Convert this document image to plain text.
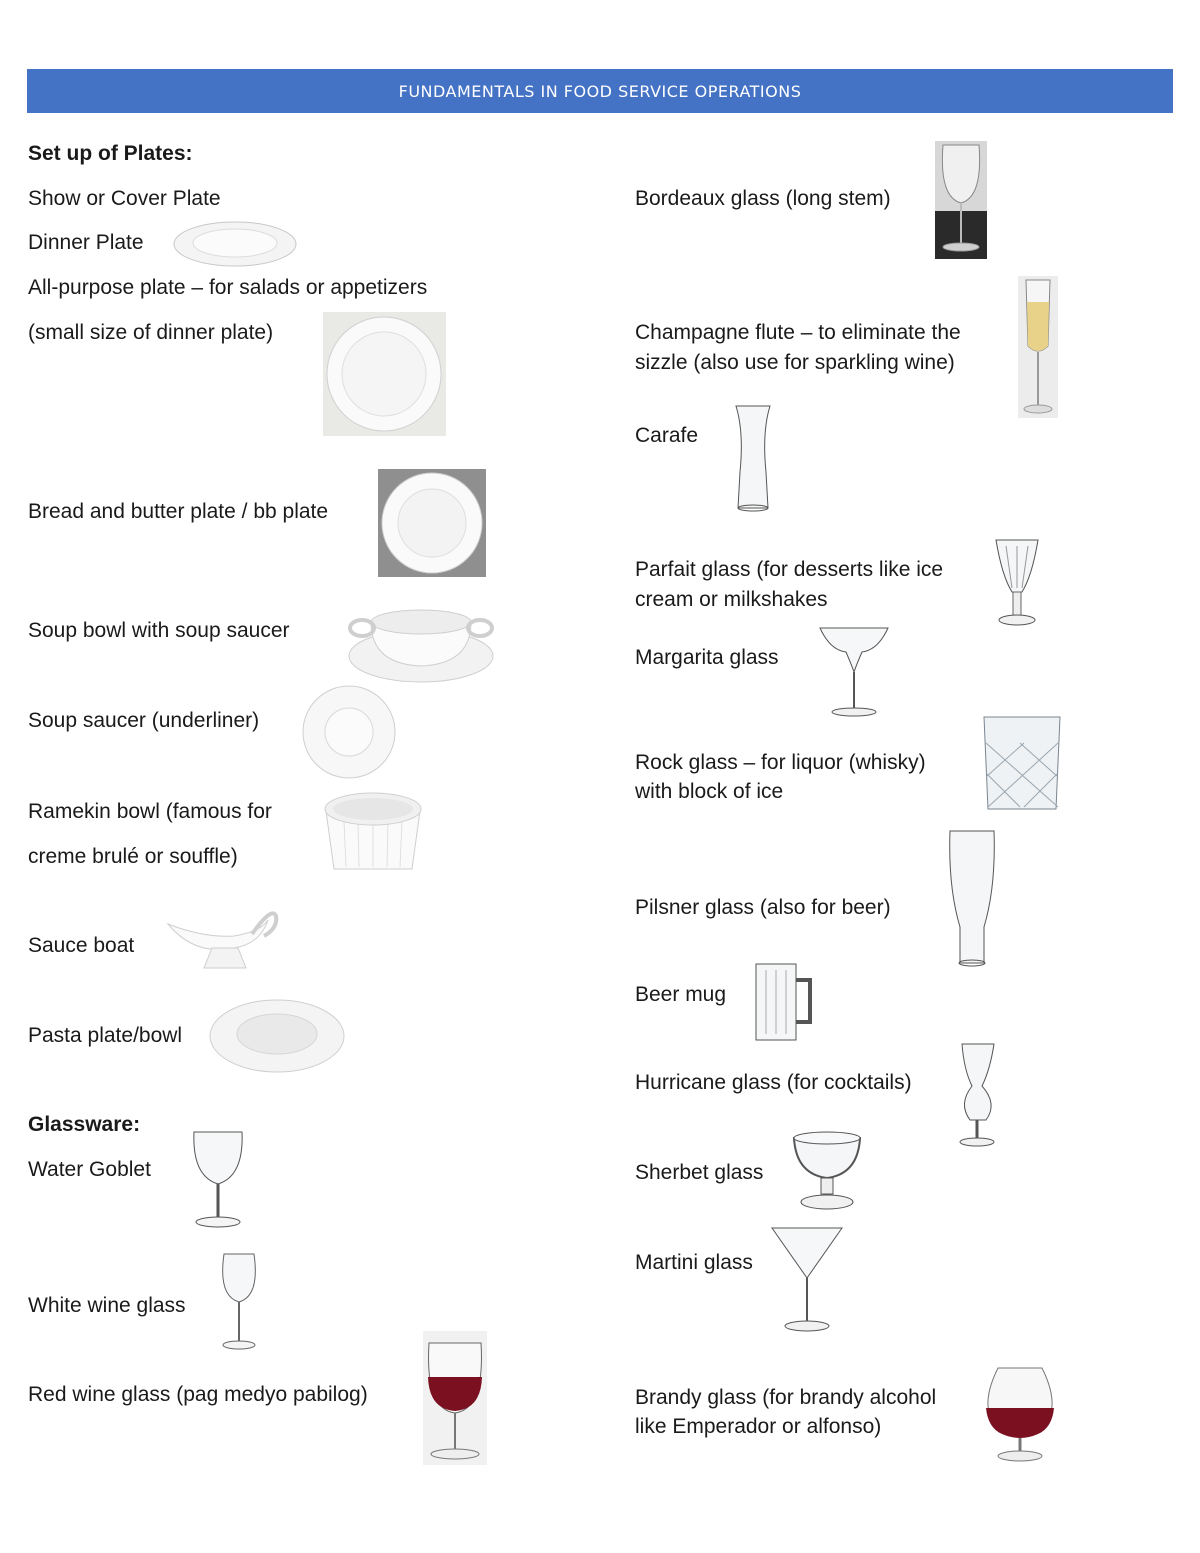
FUNDAMENTALS IN FOOD SERVICE OPERATIONS
Set up of Plates:
Show or Cover Plate
Dinner Plate
All-purpose plate – for salads or appetizers
(small size of dinner plate)
Bread and butter plate / bb plate
Soup bowl with soup saucer
Soup saucer (underliner)
Ramekin bowl (famous for
creme brulé or souffle)
Sauce boat
Pasta plate/bowl
Glassware:
Water Goblet
White wine glass
Red wine glass (pag medyo pabilog)
Bordeaux glass (long stem)
Champagne flute – to eliminate the
sizzle (also use for sparkling wine)
Carafe
Parfait glass (for desserts like ice
cream or milkshakes
Margarita glass
Rock glass – for liquor (whisky)
with block of ice
Pilsner glass (also for beer)
Beer mug
Hurricane glass (for cocktails)
Sherbet glass
Martini glass
Brandy glass (for brandy alcohol
like Emperador or alfonso)
